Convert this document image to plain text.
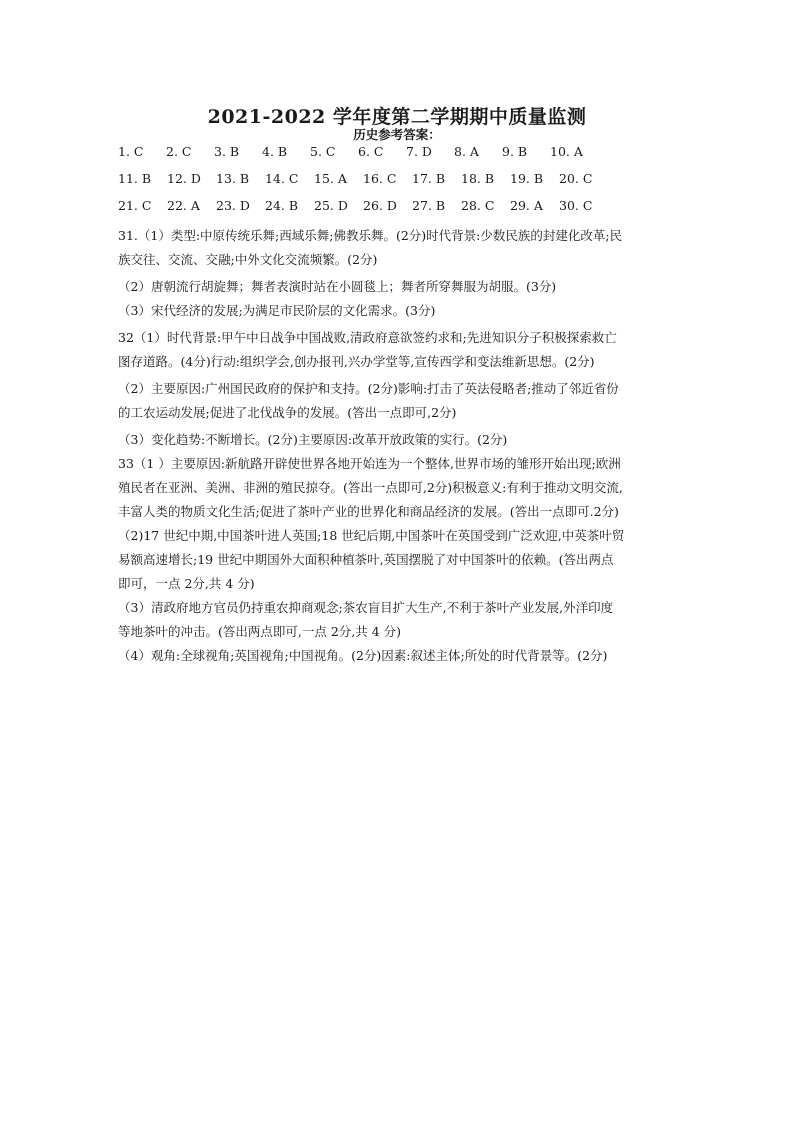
2021-2022 学年度第二学期期中质量监测
历史参考答案：
1. C	2. C	3. B	4. B	5. C	6. C	7. D	8. A	9. B	10. A
11. B	12. D	13. B	14. C	15. A	16. C	17. B	18. B	19. B	20. C
21. C	22. A	23. D	24. B	25. D	26. D	27. B	28. C	29. A	30. C

31.（1）类型:中原传统乐舞;西域乐舞;佛教乐舞。(2分)时代背景:少数民族的封建化改革;民

族交往、交流、交融;中外文化交流频繁。(2分)

（2）唐朝流行胡旋舞；舞者表演时站在小圆毯上；舞者所穿舞服为胡服。(3分)

（3）宋代经济的发展;为满足市民阶层的文化需求。(3分)

32（1）时代背景:甲午中日战争中国战败,清政府意欲签约求和;先进知识分子积极探索救亡

图存道路。(4分)行动:组织学会,创办报刊,兴办学堂等,宣传西学和变法维新思想。(2分)

（2）主要原因:广州国民政府的保护和支持。(2分)影响:打击了英法侵略者;推动了邻近省份

的工农运动发展;促进了北伐战争的发展。(答出一点即可,2分)

（3）变化趋势:不断增长。(2分)主要原因:改革开放政策的实行。(2分)

33（1 ）主要原因:新航路开辟使世界各地开始连为一个整体,世界市场的雏形开始出现;欧洲

殖民者在亚洲、美洲、非洲的殖民掠夺。(答出一点即可,2分)积极意义:有利于推动文明交流,

丰富人类的物质文化生活;促进了茶叶产业的世界化和商品经济的发展。(答出一点即可.2分)

（2)17 世纪中期,中国茶叶进人英国;18 世纪后期,中国茶叶在英国受到广泛欢迎,中英茶叶贸

易额高速增长;19 世纪中期国外大面积种植茶叶,英国摆脱了对中国茶叶的依赖。(答出两点

即可，一点 2分,共 4 分)

（3）清政府地方官员仍持重农抑商观念;茶农盲目扩大生产,不利于茶叶产业发展,外洋印度

等地茶叶的冲击。(答出两点即可,一点 2分,共 4 分)

（4）观角:全球视角;英国视角;中国视角。(2分)因素:叙述主体;所处的时代背景等。(2分)
